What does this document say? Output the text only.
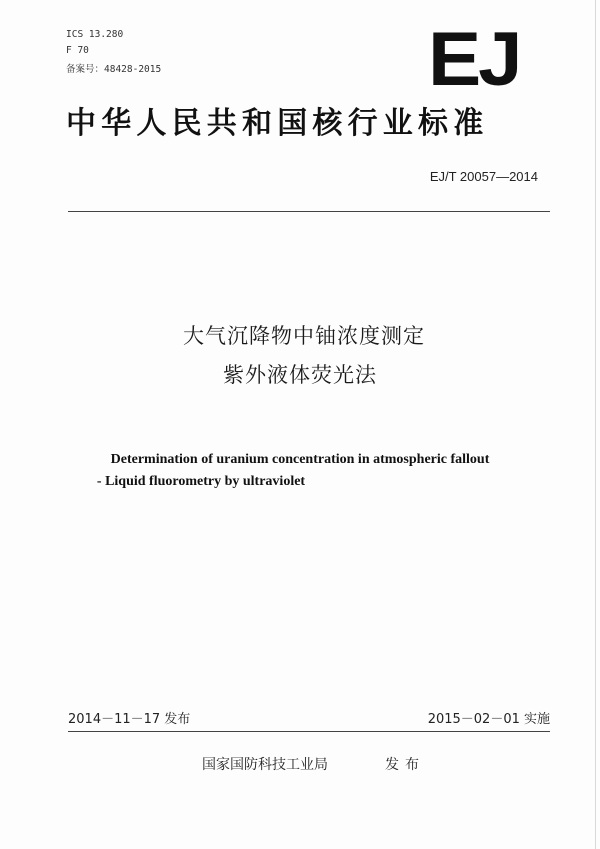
ICS 13.280
F 70
备案号：48428-2015	EJ
中华人民共和国核行业标准
EJ/T 20057—2014
大气沉降物中铀浓度测定
紫外液体荧光法
Determination of uranium concentration in atmospheric fallout
- Liquid fluorometry by ultraviolet
2014－11－17 发布	2015－02－01 实施
国家国防科技工业局	发布
